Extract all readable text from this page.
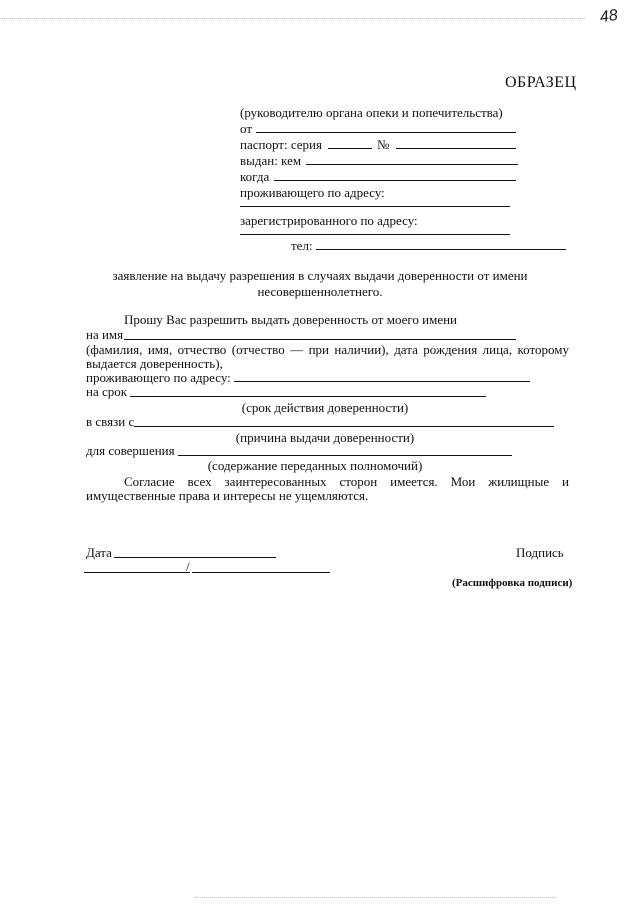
48
ОБРАЗЕЦ
(руководителю органа опеки и попечительства)
от
паспорт: серия	№
выдан: кем
когда
проживающего по адресу:
зарегистрированного по адресу:
тел:
заявление на выдачу разрешения в случаях выдачи доверенности от имени
несовершеннолетнего.
Прошу Вас разрешить выдать доверенность от моего имени
на имя
(фамилия, имя, отчество (отчество — при наличии), дата рождения лица, которому
выдается доверенность),
проживающего по адресу:
на срок
(срок действия доверенности)
в связи с
(причина выдачи доверенности)
для совершения
(содержание переданных полномочий)
Согласие всех заинтересованных сторон имеется. Мои жилищные и
имущественные права и интересы не ущемляются.
Дата	Подпись
/
(Расшифровка подписи)
